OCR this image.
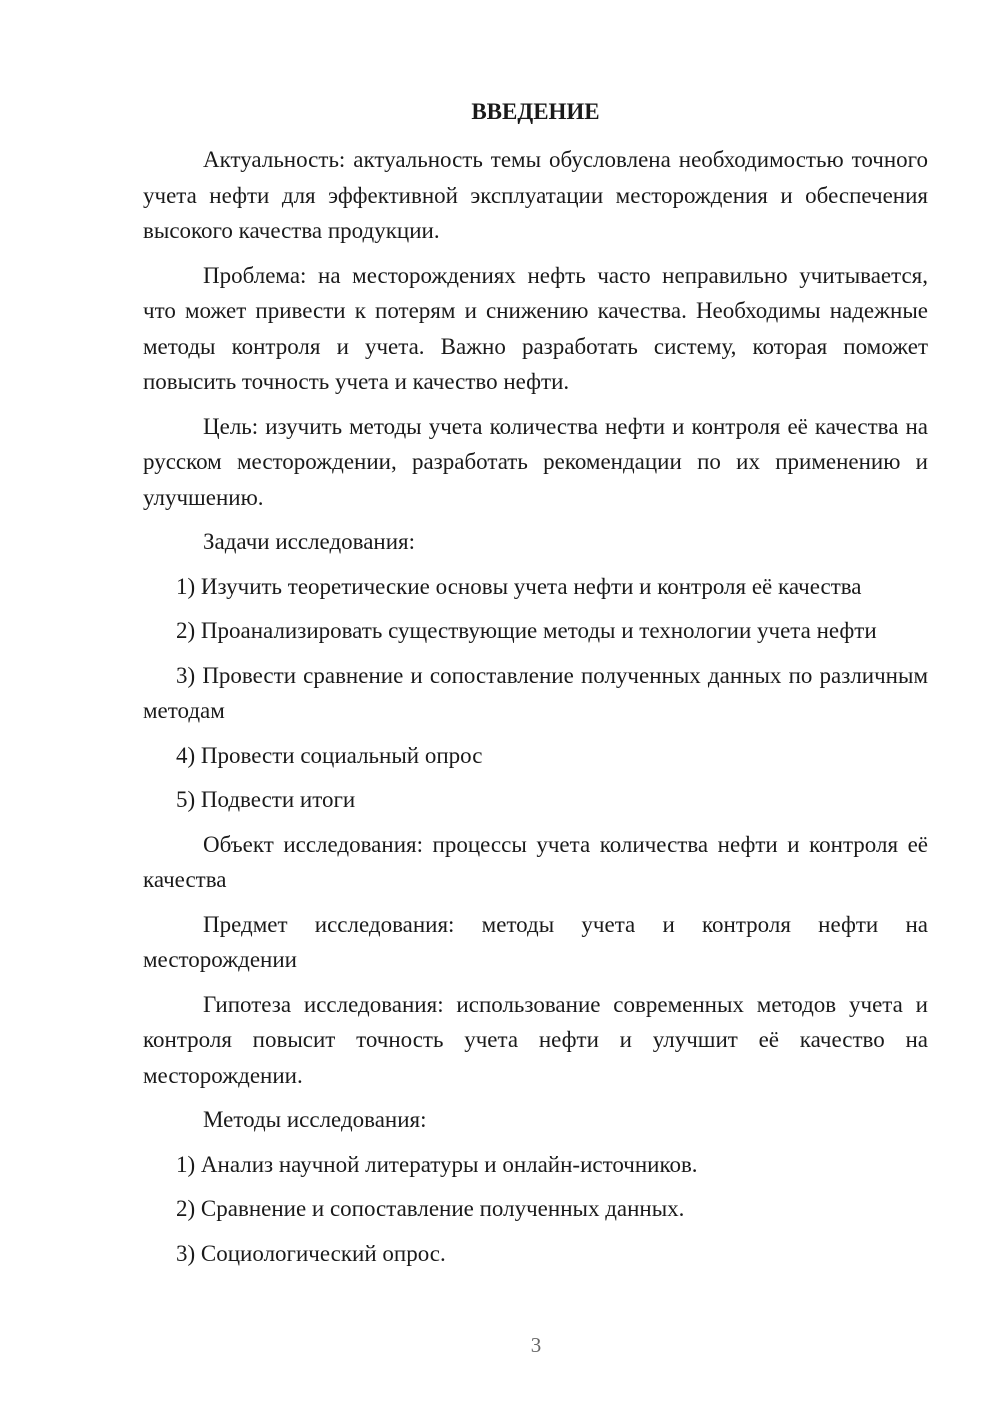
ВВЕДЕНИЕ

Актуальность: актуальность темы обусловлена необходимостью точного учета нефти для эффективной эксплуатации месторождения и обеспечения высокого качества продукции.

Проблема: на месторождениях нефть часто неправильно учитывается, что может привести к потерям и снижению качества. Необходимы надежные методы контроля и учета. Важно разработать систему, которая поможет повысить точность учета и качество нефти.

Цель: изучить методы учета количества нефти и контроля её качества на русском месторождении, разработать рекомендации по их применению и улучшению.

Задачи исследования:

1) Изучить теоретические основы учета нефти и контроля её качества

2) Проанализировать существующие методы и технологии учета нефти

3) Провести сравнение и сопоставление полученных данных по различным методам

4) Провести социальный опрос

5) Подвести итоги

Объект исследования: процессы учета количества нефти и контроля её качества

Предмет исследования: методы учета и контроля нефти на месторождении

Гипотеза исследования: использование современных методов учета и контроля повысит точность учета нефти и улучшит её качество на месторождении.

Методы исследования:

1) Анализ научной литературы и онлайн-источников.

2) Сравнение и сопоставление полученных данных.

3) Социологический опрос.

3
